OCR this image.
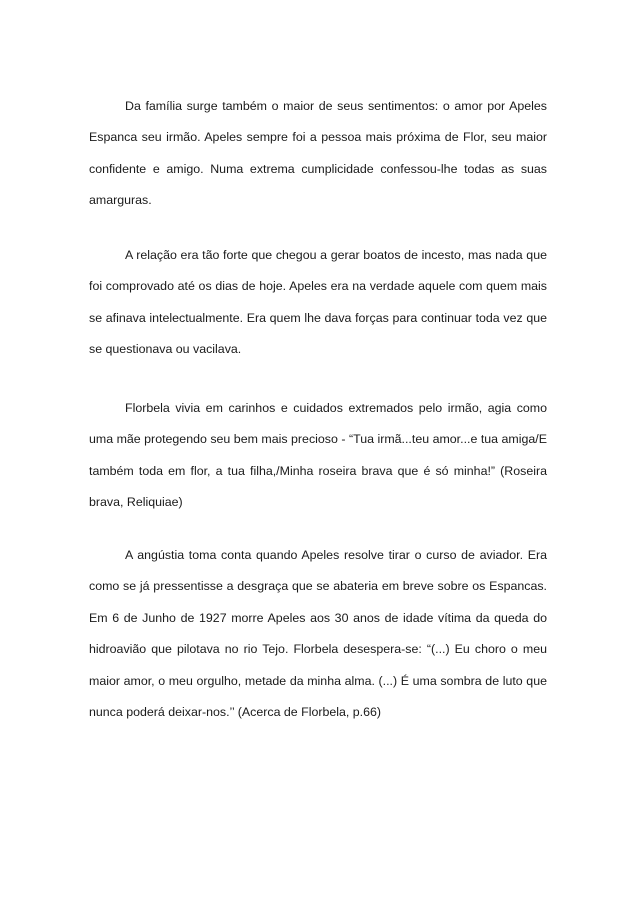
Da família surge também o maior de seus sentimentos: o amor por Apeles Espanca seu irmão. Apeles sempre foi a pessoa mais próxima de Flor, seu maior confidente e amigo. Numa extrema cumplicidade confessou-lhe todas as suas amarguras.

A relação era tão forte que chegou a gerar boatos de incesto, mas nada que foi comprovado até os dias de hoje. Apeles era na verdade aquele com quem mais se afinava intelectualmente. Era quem lhe dava forças para continuar toda vez que se questionava ou vacilava.

Florbela vivia em carinhos e cuidados extremados pelo irmão, agia como uma mãe protegendo seu bem mais precioso - “Tua irmã...teu amor...e tua amiga/E também toda em flor, a tua filha,/Minha roseira brava que é só minha!” (Roseira brava, Reliquiae)

A angústia toma conta quando Apeles resolve tirar o curso de aviador. Era como se já pressentisse a desgraça que se abateria em breve sobre os Espancas. Em 6 de Junho de 1927 morre Apeles aos 30 anos de idade vítima da queda do hidroavião que pilotava no rio Tejo. Florbela desespera-se: “(...) Eu choro o meu maior amor, o meu orgulho, metade da minha alma. (...) É uma sombra de luto que nunca poderá deixar-nos.’’ (Acerca de Florbela, p.66)
